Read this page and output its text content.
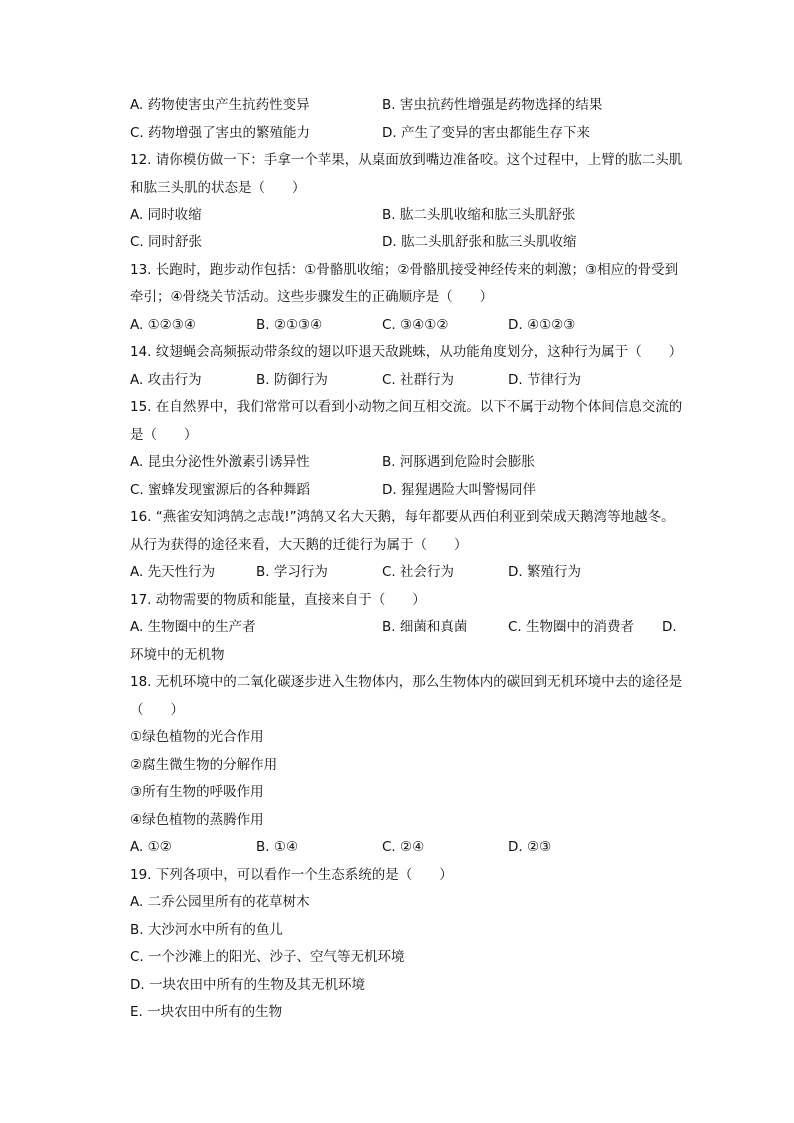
A. 药物使害虫产生抗药性变异	B. 害虫抗药性增强是药物选择的结果
C. 药物增强了害虫的繁殖能力	D. 产生了变异的害虫都能生存下来
12. 请你模仿做一下：手拿一个苹果，从桌面放到嘴边准备咬。这个过程中，上臂的肱二头肌
和肱三头肌的状态是（　　）
A. 同时收缩	B. 肱二头肌收缩和肱三头肌舒张
C. 同时舒张	D. 肱二头肌舒张和肱三头肌收缩
13. 长跑时，跑步动作包括：①骨骼肌收缩；②骨骼肌接受神经传来的刺激；③相应的骨受到
牵引；④骨绕关节活动。这些步骤发生的正确顺序是（　　）
A. ①②③④	B. ②①③④	C. ③④①②	D. ④①②③
14. 纹翅蝇会高频振动带条纹的翅以吓退天敌跳蛛，从功能角度划分，这种行为属于（　　）
A. 攻击行为	B. 防御行为	C. 社群行为	D. 节律行为
15. 在自然界中，我们常常可以看到小动物之间互相交流。以下不属于动物个体间信息交流的
是（　　）
A. 昆虫分泌性外激素引诱异性	B. 河豚遇到危险时会膨胀
C. 蜜蜂发现蜜源后的各种舞蹈	D. 猩猩遇险大叫警惕同伴
16. “燕雀安知鸿鹄之志哉!”鸿鹄又名大天鹅，每年都要从西伯利亚到荣成天鹅湾等地越冬。
从行为获得的途径来看，大天鹅的迁徙行为属于（　　）
A. 先天性行为	B. 学习行为	C. 社会行为	D. 繁殖行为
17. 动物需要的物质和能量，直接来自于（　　）
A. 生物圈中的生产者	B. 细菌和真菌	C. 生物圈中的消费者 D.
环境中的无机物
18. 无机环境中的二氧化碳逐步进入生物体内，那么生物体内的碳回到无机环境中去的途径是
（　　）
①绿色植物的光合作用
②腐生微生物的分解作用
③所有生物的呼吸作用
④绿色植物的蒸腾作用
A. ①②	B. ①④	C. ②④	D. ②③
19. 下列各项中，可以看作一个生态系统的是（　　）
A. 二乔公园里所有的花草树木
B. 大沙河水中所有的鱼儿
C. 一个沙滩上的阳光、沙子、空气等无机环境
D. 一块农田中所有的生物及其无机环境
E. 一块农田中所有的生物
